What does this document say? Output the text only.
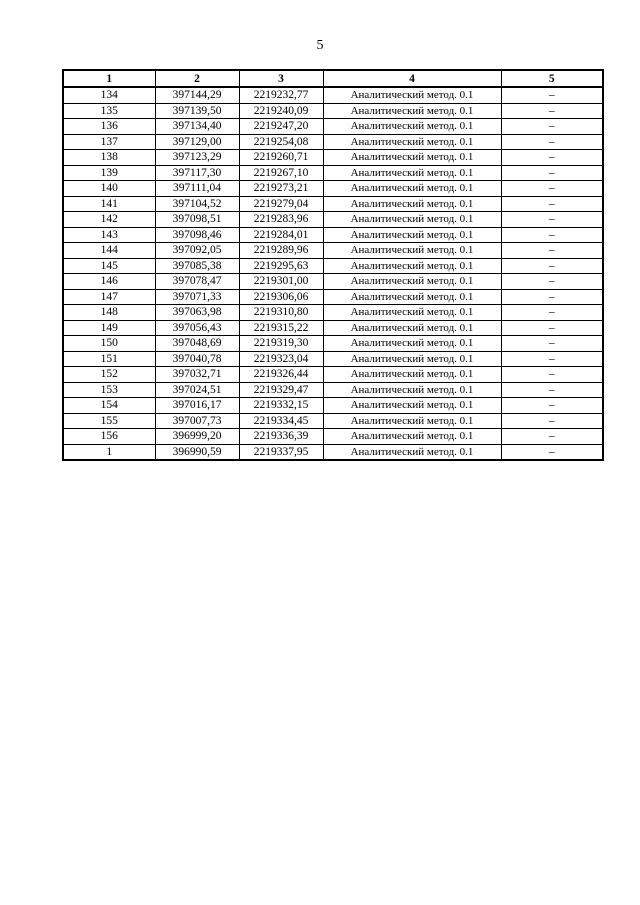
5
1	2	3	4	5
134	397144,29	2219232,77	Аналитический метод. 0.1	–
135	397139,50	2219240,09	Аналитический метод. 0.1	–
136	397134,40	2219247,20	Аналитический метод. 0.1	–
137	397129,00	2219254,08	Аналитический метод. 0.1	–
138	397123,29	2219260,71	Аналитический метод. 0.1	–
139	397117,30	2219267,10	Аналитический метод. 0.1	–
140	397111,04	2219273,21	Аналитический метод. 0.1	–
141	397104,52	2219279,04	Аналитический метод. 0.1	–
142	397098,51	2219283,96	Аналитический метод. 0.1	–
143	397098,46	2219284,01	Аналитический метод. 0.1	–
144	397092,05	2219289,96	Аналитический метод. 0.1	–
145	397085,38	2219295,63	Аналитический метод. 0.1	–
146	397078,47	2219301,00	Аналитический метод. 0.1	–
147	397071,33	2219306,06	Аналитический метод. 0.1	–
148	397063,98	2219310,80	Аналитический метод. 0.1	–
149	397056,43	2219315,22	Аналитический метод. 0.1	–
150	397048,69	2219319,30	Аналитический метод. 0.1	–
151	397040,78	2219323,04	Аналитический метод. 0.1	–
152	397032,71	2219326,44	Аналитический метод. 0.1	–
153	397024,51	2219329,47	Аналитический метод. 0.1	–
154	397016,17	2219332,15	Аналитический метод. 0.1	–
155	397007,73	2219334,45	Аналитический метод. 0.1	–
156	396999,20	2219336,39	Аналитический метод. 0.1	–
1	396990,59	2219337,95	Аналитический метод. 0.1	–
